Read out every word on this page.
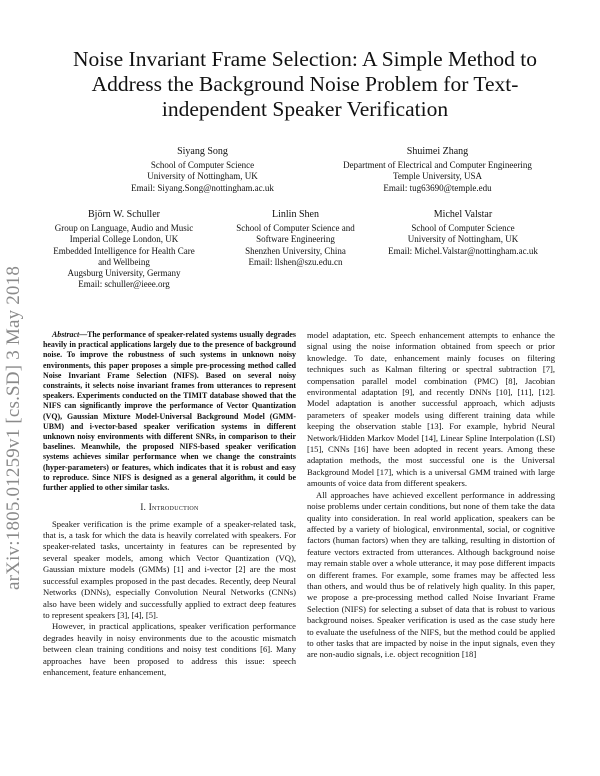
arXiv:1805.01259v1 [cs.SD] 3 May 2018
Noise Invariant Frame Selection: A Simple Method to Address the Background Noise Problem for Text-independent Speaker Verification
Siyang Song
School of Computer Science
University of Nottingham, UK
Email: Siyang.Song@nottingham.ac.uk
Shuimei Zhang
Department of Electrical and Computer Engineering
Temple University, USA
Email: tug63690@temple.edu
Björn W. Schuller
Group on Language, Audio and Music
Imperial College London, UK
Embedded Intelligence for Health Care
and Wellbeing
Augsburg University, Germany
Email: schuller@ieee.org
Linlin Shen
School of Computer Science and
Software Engineering
Shenzhen University, China
Email: llshen@szu.edu.cn
Michel Valstar
School of Computer Science
University of Nottingham, UK
Email: Michel.Valstar@nottingham.ac.uk

Abstract—The performance of speaker-related systems usually degrades heavily in practical applications largely due to the presence of background noise. To improve the robustness of such systems in unknown noisy environments, this paper proposes a simple pre-processing method called Noise Invariant Frame Selection (NIFS). Based on several noisy constraints, it selects noise invariant frames from utterances to represent speakers. Experiments conducted on the TIMIT database showed that the NIFS can significantly improve the performance of Vector Quantization (VQ), Gaussian Mixture Model-Universal Background Model (GMM-UBM) and i-vector-based speaker verification systems in different unknown noisy environments with different SNRs, in comparison to their baselines. Meanwhile, the proposed NIFS-based speaker verification systems achieves similar performance when we change the constraints (hyper-parameters) or features, which indicates that it is robust and easy to reproduce. Since NIFS is designed as a general algorithm, it could be further applied to other similar tasks.

I. Introduction

Speaker verification is the prime example of a speaker-related task, that is, a task for which the data is heavily correlated with speakers. For speaker-related tasks, uncertainty in features can be represented by several speaker models, among which Vector Quantization (VQ), Gaussian mixture models (GMMs) [1] and i-vector [2] are the most successful examples proposed in the past decades. Recently, deep Neural Networks (DNNs), especially Convolution Neural Networks (CNNs) also have been widely and successfully applied to extract deep features to represent speakers [3], [4], [5].

However, in practical applications, speaker verification performance degrades heavily in noisy environments due to the acoustic mismatch between clean training conditions and noisy test conditions [6]. Many approaches have been proposed to address this issue: speech enhancement, feature enhancement,

model adaptation, etc. Speech enhancement attempts to enhance the signal using the noise information obtained from speech or prior knowledge. To date, enhancement mainly focuses on filtering techniques such as Kalman filtering or spectral subtraction [7], compensation parallel model combination (PMC) [8], Jacobian environmental adaptation [9], and recently DNNs [10], [11], [12]. Model adaptation is another successful approach, which adjusts parameters of speaker models using different training data while keeping the observation stable [13]. For example, hybrid Neural Network/Hidden Markov Model [14], Linear Spline Interpolation (LSI) [15], CNNs [16] have been adopted in recent years. Among these adaptation methods, the most successful one is the Universal Background Model [17], which is a universal GMM trained with large amounts of voice data from different speakers.

All approaches have achieved excellent performance in addressing noise problems under certain conditions, but none of them take the data quality into consideration. In real world application, speakers can be affected by a variety of biological, environmental, social, or cognitive factors (human factors) when they are talking, resulting in distortion of feature vectors extracted from utterances. Although background noise may remain stable over a whole utterance, it may pose different impacts on different frames. For example, some frames may be affected less than others, and would thus be of relatively high quality. In this paper, we propose a pre-processing method called Noise Invariant Frame Selection (NIFS) for selecting a subset of data that is robust to various background noises. Speaker verification is used as the case study here to evaluate the usefulness of the NIFS, but the method could be applied to other tasks that are impacted by noise in the input signals, even they are non-audio signals, i.e. object recognition [18]
